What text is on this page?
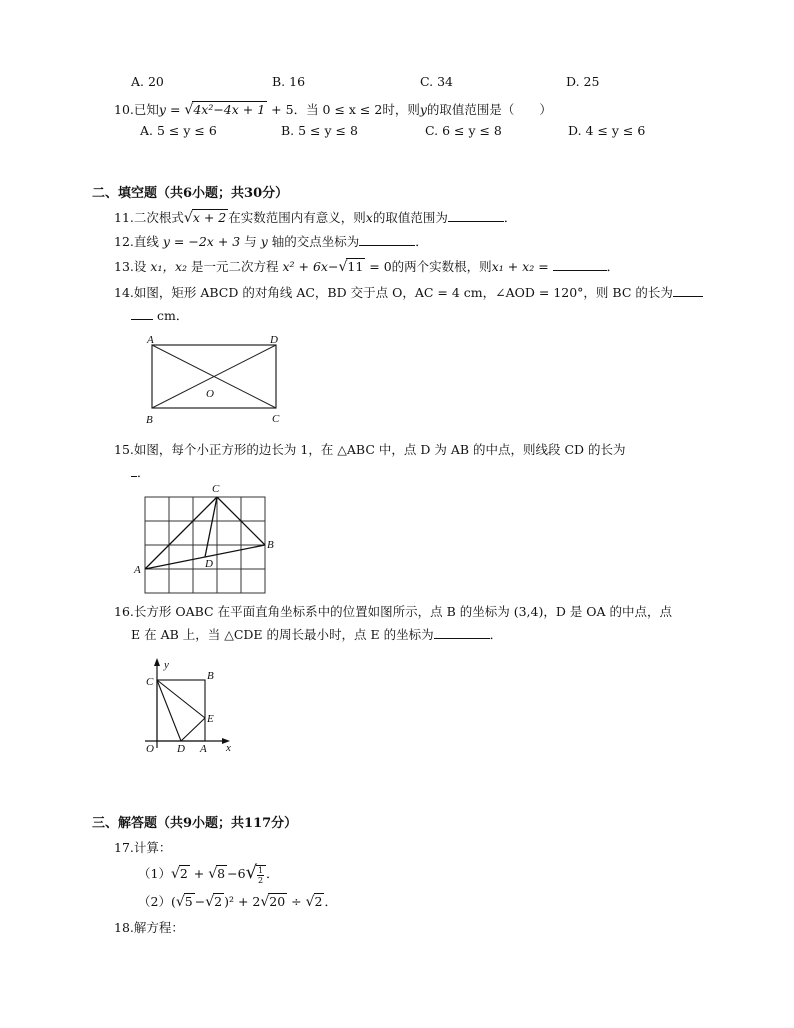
A. 20	B. 16	C. 34	D. 25
10.已知y = √4x²−4x + 1 + 5．当 0 ≤ x ≤ 2时，则y的取值范围是（　　）
A. 5 ≤ y ≤ 6	B. 5 ≤ y ≤ 8	C. 6 ≤ y ≤ 8	D. 4 ≤ y ≤ 6
二、填空题（共6小题；共30分）
11.二次根式√x + 2 在实数范围内有意义，则x的取值范围为	．
12.直线 y = −2x + 3 与 y 轴的交点坐标为	．
13.设 x₁，x₂ 是一元二次方程 x² + 6x−√11 = 0的两个实数根，则x₁ + x₂ =	．
14.如图，矩形 ABCD 的对角线 AC，BD 交于点 O，AC = 4 cm，∠AOD = 120°，则 BC 的长为
cm．
A	D
O
B	C
15.如图，每个小正方形的边长为 1，在 △ABC 中，点 D 为 AB 的中点，则线段 CD 的长为
．
A
C
B
D
16.长方形 OABC 在平面直角坐标系中的位置如图所示，点 B 的坐标为 (3,4)，D 是 OA 的中点，点
E 在 AB 上，当 △CDE 的周长最小时，点 E 的坐标为	．
y
x
O	A
B
C
D
E
三、解答题（共9小题；共117分）
17.计算：
$(1)√2 + √8 -6√ \frac{1}{2}$ ．
（2）(√5 −√2 )² + 2√20 ÷ √2 ．
18.解方程：
